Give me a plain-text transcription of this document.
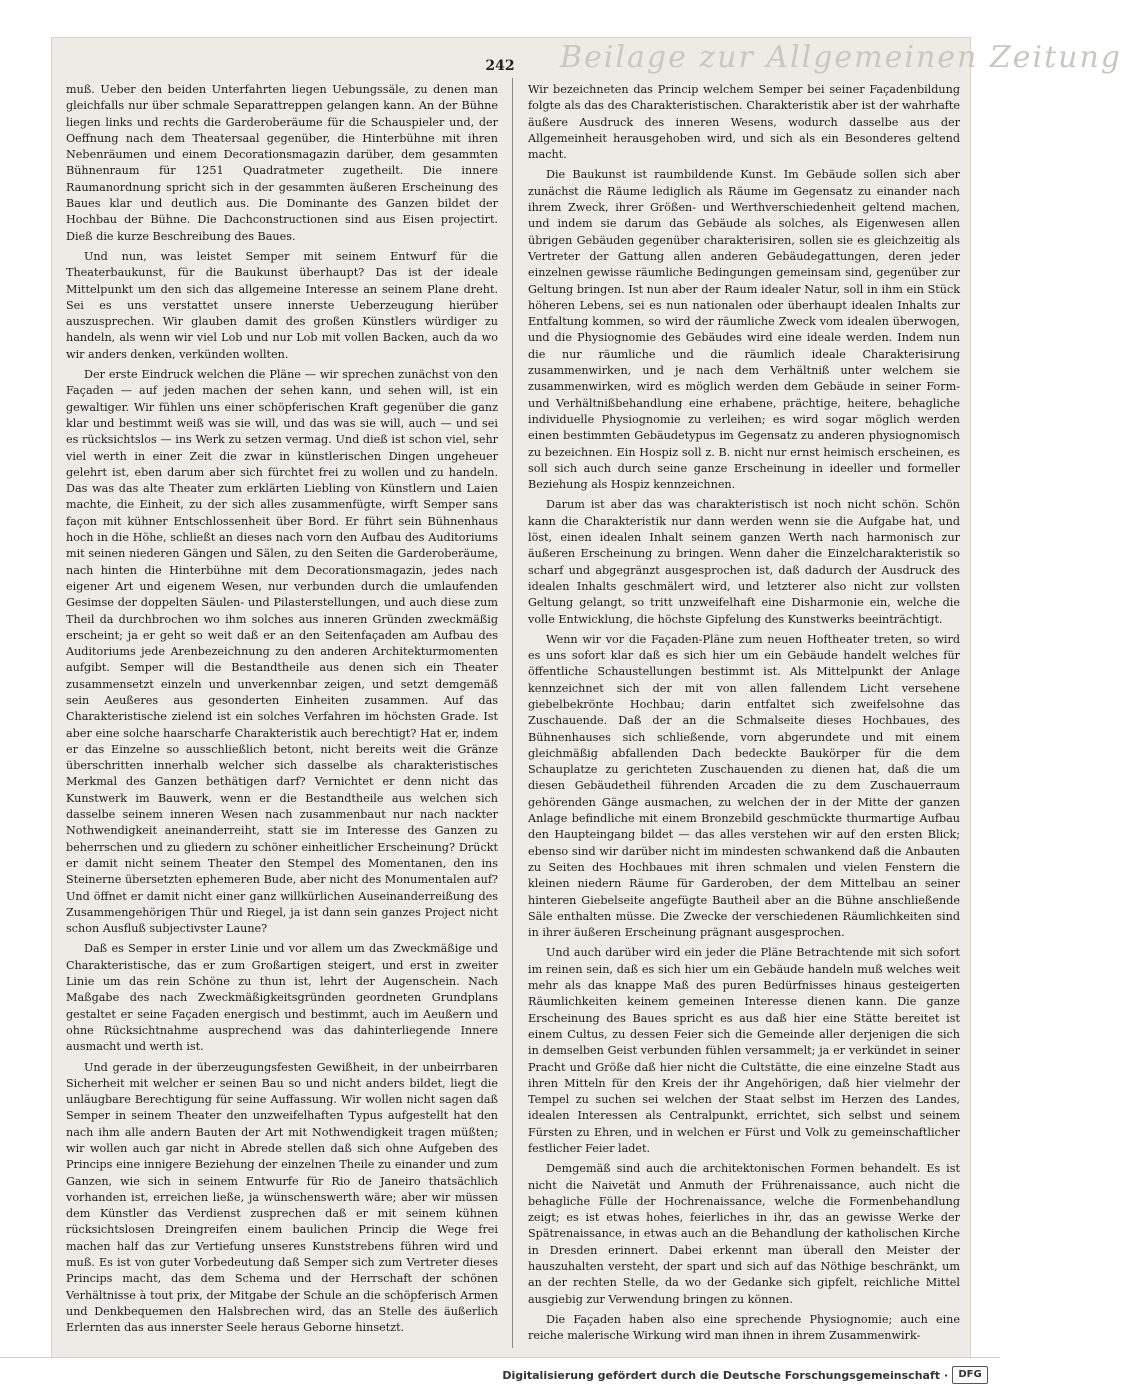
Beilage zur Allgemeinen Zeitung
242

muß. Ueber den beiden Unterfahrten liegen Uebungssäle, zu denen man gleichfalls nur über schmale Separattreppen gelangen kann. An der Bühne liegen links und rechts die Garderoberäume für die Schauspieler und, der Oeffnung nach dem Theatersaal gegenüber, die Hinterbühne mit ihren Nebenräumen und einem Decorationsmagazin darüber, dem gesammten Bühnenraum für 1251 Quadratmeter zugetheilt. Die innere Raumanordnung spricht sich in der gesammten äußeren Erscheinung des Baues klar und deutlich aus. Die Dominante des Ganzen bildet der Hochbau der Bühne. Die Dachconstructionen sind aus Eisen projectirt. Dieß die kurze Beschreibung des Baues.

Und nun, was leistet Semper mit seinem Entwurf für die Theaterbaukunst, für die Baukunst überhaupt? Das ist der ideale Mittelpunkt um den sich das allgemeine Interesse an seinem Plane dreht. Sei es uns verstattet unsere innerste Ueberzeugung hierüber auszusprechen. Wir glauben damit des großen Künstlers würdiger zu handeln, als wenn wir viel Lob und nur Lob mit vollen Backen, auch da wo wir anders denken, verkünden wollten.

Der erste Eindruck welchen die Pläne — wir sprechen zunächst von den Façaden — auf jeden machen der sehen kann, und sehen will, ist ein gewaltiger. Wir fühlen uns einer schöpferischen Kraft gegenüber die ganz klar und bestimmt weiß was sie will, und das was sie will, auch — und sei es rücksichtslos — ins Werk zu setzen vermag. Und dieß ist schon viel, sehr viel werth in einer Zeit die zwar in künstlerischen Dingen ungeheuer gelehrt ist, eben darum aber sich fürchtet frei zu wollen und zu handeln. Das was das alte Theater zum erklärten Liebling von Künstlern und Laien machte, die Einheit, zu der sich alles zusammenfügte, wirft Semper sans façon mit kühner Entschlossenheit über Bord. Er führt sein Bühnenhaus hoch in die Höhe, schließt an dieses nach vorn den Aufbau des Auditoriums mit seinen niederen Gängen und Sälen, zu den Seiten die Garderoberäume, nach hinten die Hinterbühne mit dem Decorationsmagazin, jedes nach eigener Art und eigenem Wesen, nur verbunden durch die umlaufenden Gesimse der doppelten Säulen- und Pilasterstellungen, und auch diese zum Theil da durchbrochen wo ihm solches aus inneren Gründen zweckmäßig erscheint; ja er geht so weit daß er an den Seitenfaçaden am Aufbau des Auditoriums jede Arenbezeichnung zu den anderen Architekturmomenten aufgibt. Semper will die Bestandtheile aus denen sich ein Theater zusammensetzt einzeln und unverkennbar zeigen, und setzt demgemäß sein Aeußeres aus gesonderten Einheiten zusammen. Auf das Charakteristische zielend ist ein solches Verfahren im höchsten Grade. Ist aber eine solche haarscharfe Charakteristik auch berechtigt? Hat er, indem er das Einzelne so ausschließlich betont, nicht bereits weit die Gränze überschritten innerhalb welcher sich dasselbe als charakteristisches Merkmal des Ganzen bethätigen darf? Vernichtet er denn nicht das Kunstwerk im Bauwerk, wenn er die Bestandtheile aus welchen sich dasselbe seinem inneren Wesen nach zusammenbaut nur nach nackter Nothwendigkeit aneinanderreiht, statt sie im Interesse des Ganzen zu beherrschen und zu gliedern zu schöner einheitlicher Erscheinung? Drückt er damit nicht seinem Theater den Stempel des Momentanen, den ins Steinerne übersetzten ephemeren Bude, aber nicht des Monumentalen auf? Und öffnet er damit nicht einer ganz willkürlichen Auseinanderreißung des Zusammengehörigen Thür und Riegel, ja ist dann sein ganzes Project nicht schon Ausfluß subjectivster Laune?

Daß es Semper in erster Linie und vor allem um das Zweckmäßige und Charakteristische, das er zum Großartigen steigert, und erst in zweiter Linie um das rein Schöne zu thun ist, lehrt der Augenschein. Nach Maßgabe des nach Zweckmäßigkeitsgründen geordneten Grundplans gestaltet er seine Façaden energisch und bestimmt, auch im Aeußern und ohne Rücksichtnahme ausprechend was das dahinterliegende Innere ausmacht und werth ist.

Und gerade in der überzeugungsfesten Gewißheit, in der unbeirrbaren Sicherheit mit welcher er seinen Bau so und nicht anders bildet, liegt die unläugbare Berechtigung für seine Auffassung. Wir wollen nicht sagen daß Semper in seinem Theater den unzweifelhaften Typus aufgestellt hat den nach ihm alle andern Bauten der Art mit Nothwendigkeit tragen müßten; wir wollen auch gar nicht in Abrede stellen daß sich ohne Aufgeben des Princips eine innigere Beziehung der einzelnen Theile zu einander und zum Ganzen, wie sich in seinem Entwurfe für Rio de Janeiro thatsächlich vorhanden ist, erreichen ließe, ja wünschenswerth wäre; aber wir müssen dem Künstler das Verdienst zusprechen daß er mit seinem kühnen rücksichtslosen Dreingreifen einem baulichen Princip die Wege frei machen half das zur Vertiefung unseres Kunststrebens führen wird und muß. Es ist von guter Vorbedeutung daß Semper sich zum Vertreter dieses Princips macht, das dem Schema und der Herrschaft der schönen Verhältnisse à tout prix, der Mitgabe der Schule an die schöpferisch Armen und Denkbequemen den Halsbrechen wird, das an Stelle des äußerlich Erlernten das aus innerster Seele heraus Geborne hinsetzt.

Wir bezeichneten das Princip welchem Semper bei seiner Façadenbildung folgte als das des Charakteristischen. Charakteristik aber ist der wahrhafte äußere Ausdruck des inneren Wesens, wodurch dasselbe aus der Allgemeinheit herausgehoben wird, und sich als ein Besonderes geltend macht.

Die Baukunst ist raumbildende Kunst. Im Gebäude sollen sich aber zunächst die Räume lediglich als Räume im Gegensatz zu einander nach ihrem Zweck, ihrer Größen- und Werthverschiedenheit geltend machen, und indem sie darum das Gebäude als solches, als Eigenwesen allen übrigen Gebäuden gegenüber charakterisiren, sollen sie es gleichzeitig als Vertreter der Gattung allen anderen Gebäudegattungen, deren jeder einzelnen gewisse räumliche Bedingungen gemeinsam sind, gegenüber zur Geltung bringen. Ist nun aber der Raum idealer Natur, soll in ihm ein Stück höheren Lebens, sei es nun nationalen oder überhaupt idealen Inhalts zur Entfaltung kommen, so wird der räumliche Zweck vom idealen überwogen, und die Physiognomie des Gebäudes wird eine ideale werden. Indem nun die nur räumliche und die räumlich ideale Charakterisirung zusammenwirken, und je nach dem Verhältniß unter welchem sie zusammenwirken, wird es möglich werden dem Gebäude in seiner Form- und Verhältnißbehandlung eine erhabene, prächtige, heitere, behagliche individuelle Physiognomie zu verleihen; es wird sogar möglich werden einen bestimmten Gebäudetypus im Gegensatz zu anderen physiognomisch zu bezeichnen. Ein Hospiz soll z. B. nicht nur ernst heimisch erscheinen, es soll sich auch durch seine ganze Erscheinung in ideeller und formeller Beziehung als Hospiz kennzeichnen.

Darum ist aber das was charakteristisch ist noch nicht schön. Schön kann die Charakteristik nur dann werden wenn sie die Aufgabe hat, und löst, einen idealen Inhalt seinem ganzen Werth nach harmonisch zur äußeren Erscheinung zu bringen. Wenn daher die Einzelcharakteristik so scharf und abgegränzt ausgesprochen ist, daß dadurch der Ausdruck des idealen Inhalts geschmälert wird, und letzterer also nicht zur vollsten Geltung gelangt, so tritt unzweifelhaft eine Disharmonie ein, welche die volle Entwicklung, die höchste Gipfelung des Kunstwerks beeinträchtigt.

Wenn wir vor die Façaden-Pläne zum neuen Hoftheater treten, so wird es uns sofort klar daß es sich hier um ein Gebäude handelt welches für öffentliche Schaustellungen bestimmt ist. Als Mittelpunkt der Anlage kennzeichnet sich der mit von allen fallendem Licht versehene giebelbekrönte Hochbau; darin entfaltet sich zweifelsohne das Zuschauende. Daß der an die Schmalseite dieses Hochbaues, des Bühnenhauses sich schließende, vorn abgerundete und mit einem gleichmäßig abfallenden Dach bedeckte Baukörper für die dem Schauplatze zu gerichteten Zuschauenden zu dienen hat, daß die um diesen Gebäudetheil führenden Arcaden die zu dem Zuschauerraum gehörenden Gänge ausmachen, zu welchen der in der Mitte der ganzen Anlage befindliche mit einem Bronzebild geschmückte thurmartige Aufbau den Haupteingang bildet — das alles verstehen wir auf den ersten Blick; ebenso sind wir darüber nicht im mindesten schwankend daß die Anbauten zu Seiten des Hochbaues mit ihren schmalen und vielen Fenstern die kleinen niedern Räume für Garderoben, der dem Mittelbau an seiner hinteren Giebelseite angefügte Bautheil aber an die Bühne anschließende Säle enthalten müsse. Die Zwecke der verschiedenen Räumlichkeiten sind in ihrer äußeren Erscheinung prägnant ausgesprochen.

Und auch darüber wird ein jeder die Pläne Betrachtende mit sich sofort im reinen sein, daß es sich hier um ein Gebäude handeln muß welches weit mehr als das knappe Maß des puren Bedürfnisses hinaus gesteigerten Räumlichkeiten keinem gemeinen Interesse dienen kann. Die ganze Erscheinung des Baues spricht es aus daß hier eine Stätte bereitet ist einem Cultus, zu dessen Feier sich die Gemeinde aller derjenigen die sich in demselben Geist verbunden fühlen versammelt; ja er verkündet in seiner Pracht und Größe daß hier nicht die Cultstätte, die eine einzelne Stadt aus ihren Mitteln für den Kreis der ihr Angehörigen, daß hier vielmehr der Tempel zu suchen sei welchen der Staat selbst im Herzen des Landes, idealen Interessen als Centralpunkt, errichtet, sich selbst und seinem Fürsten zu Ehren, und in welchen er Fürst und Volk zu gemeinschaftlicher festlicher Feier ladet.

Demgemäß sind auch die architektonischen Formen behandelt. Es ist nicht die Naivetät und Anmuth der Frührenaissance, auch nicht die behagliche Fülle der Hochrenaissance, welche die Formenbehandlung zeigt; es ist etwas hohes, feierliches in ihr, das an gewisse Werke der Spätrenaissance, in etwas auch an die Behandlung der katholischen Kirche in Dresden erinnert. Dabei erkennt man überall den Meister der hauszuhalten versteht, der spart und sich auf das Nöthige beschränkt, um an der rechten Stelle, da wo der Gedanke sich gipfelt, reichliche Mittel ausgiebig zur Verwendung bringen zu können.

Die Façaden haben also eine sprechende Physiognomie; auch eine reiche malerische Wirkung wird man ihnen in ihrem Zusammenwirk-

Digitalisierung gefördert durch die Deutsche Forschungsgemeinschaft ·	DFG
